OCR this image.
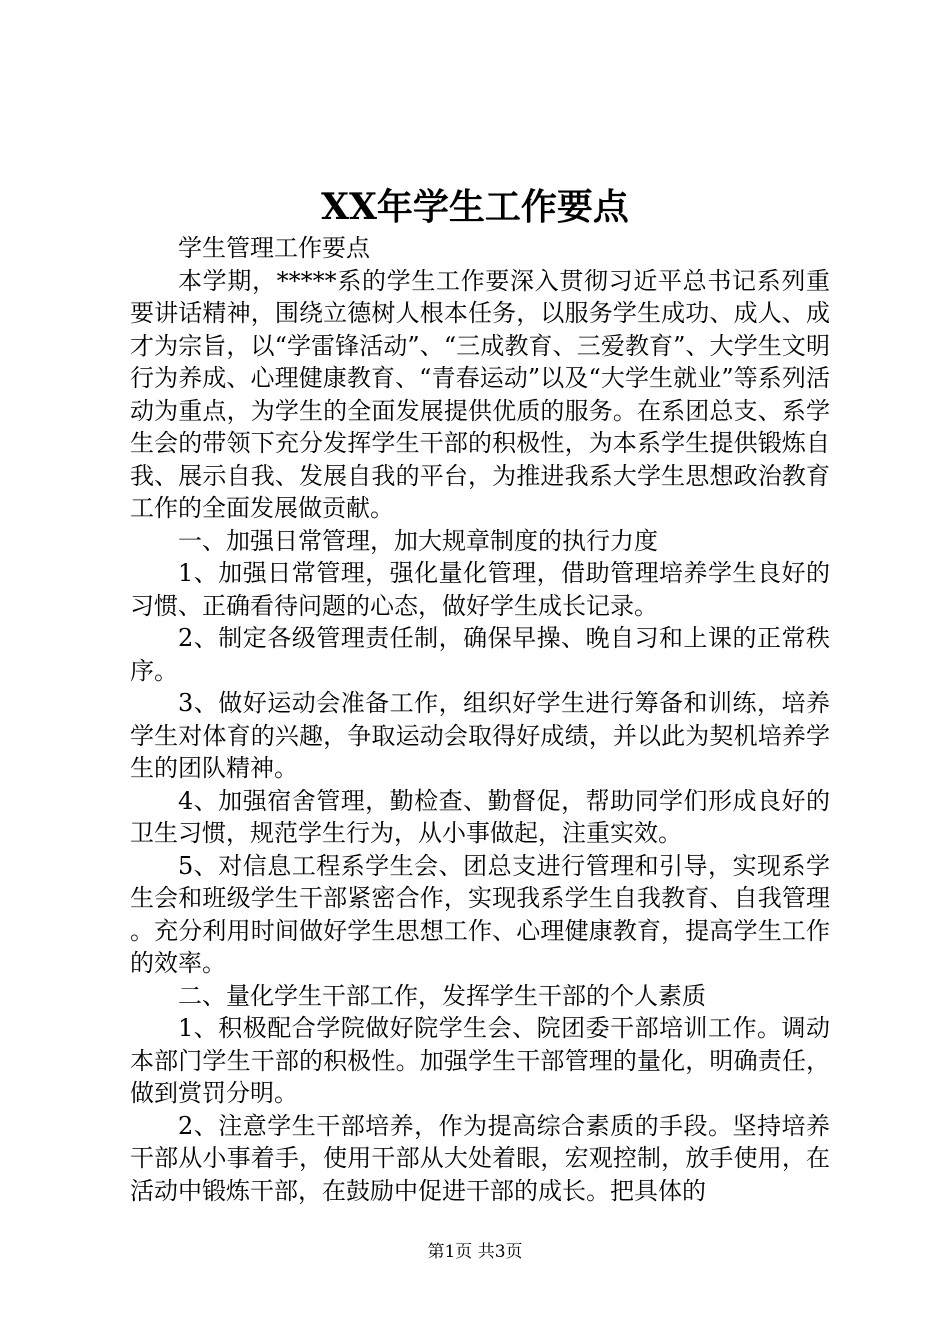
XX年学生工作要点

学生管理工作要点

本学期，*****系的学生工作要深入贯彻习近平总书记系列重要讲话精神，围绕立德树人根本任务，以服务学生成功、成人、成才为宗旨，以“学雷锋活动”、“三成教育、三爱教育”、大学生文明行为养成、心理健康教育、“青春运动”以及“大学生就业”等系列活动为重点，为学生的全面发展提供优质的服务。在系团总支、系学生会的带领下充分发挥学生干部的积极性，为本系学生提供锻炼自我、展示自我、发展自我的平台，为推进我系大学生思想政治教育工作的全面发展做贡献。

一、加强日常管理，加大规章制度的执行力度

1、加强日常管理，强化量化管理，借助管理培养学生良好的习惯、正确看待问题的心态，做好学生成长记录。

2、制定各级管理责任制，确保早操、晚自习和上课的正常秩序。

3、做好运动会准备工作，组织好学生进行筹备和训练，培养学生对体育的兴趣，争取运动会取得好成绩，并以此为契机培养学生的团队精神。

4、加强宿舍管理，勤检查、勤督促，帮助同学们形成良好的卫生习惯，规范学生行为，从小事做起，注重实效。

5、对信息工程系学生会、团总支进行管理和引导，实现系学生会和班级学生干部紧密合作，实现我系学生自我教育、自我管理。充分利用时间做好学生思想工作、心理健康教育，提高学生工作的效率。

二、量化学生干部工作，发挥学生干部的个人素质

1、积极配合学院做好院学生会、院团委干部培训工作。调动本部门学生干部的积极性。加强学生干部管理的量化，明确责任，做到赏罚分明。

2、注意学生干部培养，作为提高综合素质的手段。坚持培养干部从小事着手，使用干部从大处着眼，宏观控制，放手使用，在活动中锻炼干部，在鼓励中促进干部的成长。把具体的

第1页 共3页
